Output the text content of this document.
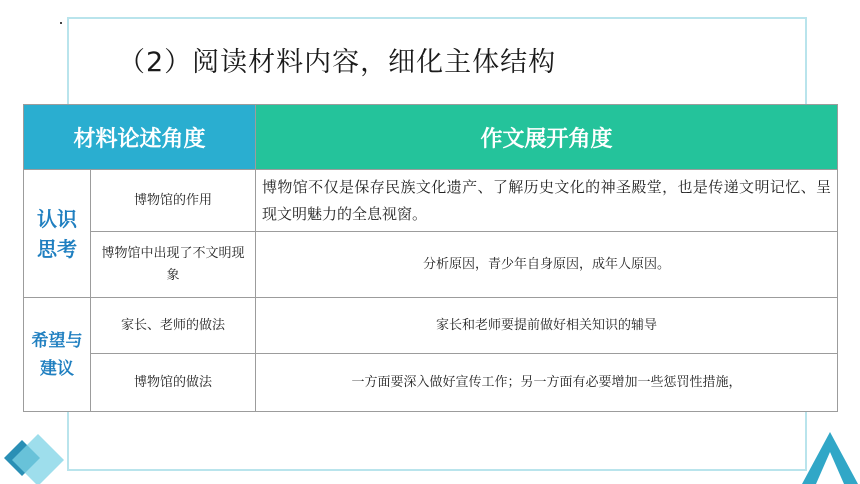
（2）阅读材料内容，细化主体结构
材料论述角度		作文展开角度

认识
思考	博物馆的作用	博物馆不仅是保存民族文化遗产、了解历史文化的神圣殿堂，也是传递文明记忆、呈现文明魅力的全息视窗。
	博物馆中出现了不文明现象	分析原因，青少年自身原因，成年人原因。

希望与
建议	家长、老师的做法	家长和老师要提前做好相关知识的辅导
	博物馆的做法	一方面要深入做好宣传工作；另一方面有必要增加一些惩罚性措施，
